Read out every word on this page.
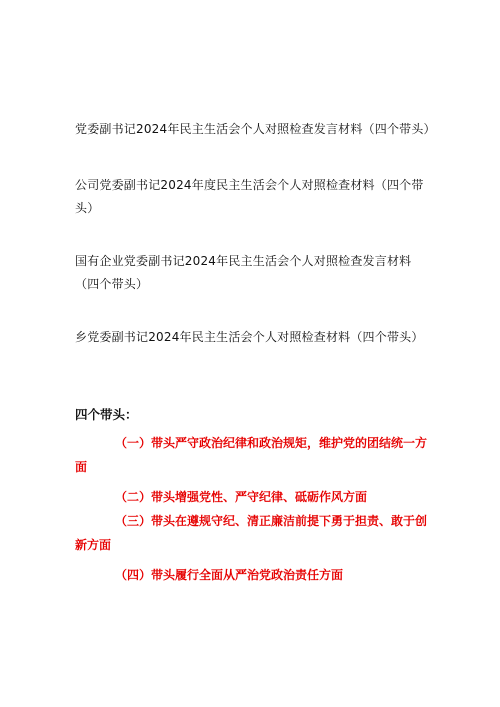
党委副书记2024年民主生活会个人对照检查发言材料（四个带头）
公司党委副书记2024年度民主生活会个人对照检查材料（四个带头）
国有企业党委副书记2024年民主生活会个人对照检查发言材料（四个带头）
乡党委副书记2024年民主生活会个人对照检查材料（四个带头）
四个带头：
（一）带头严守政治纪律和政治规矩，维护党的团结统一方面
（二）带头增强党性、严守纪律、砥砺作风方面
（三）带头在遵规守纪、清正廉洁前提下勇于担责、敢于创新方面
（四）带头履行全面从严治党政治责任方面
